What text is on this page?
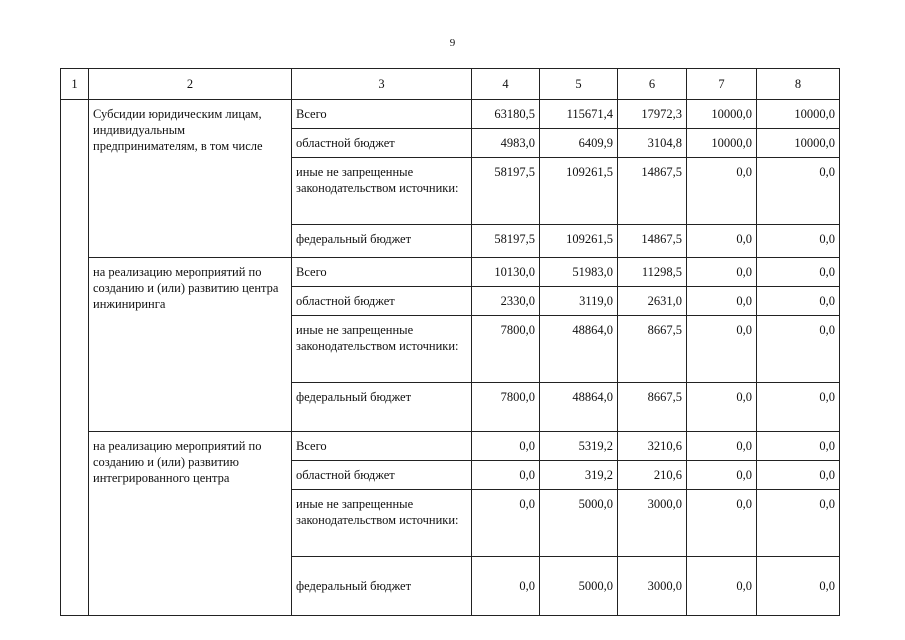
9
1	2	3	4	5	6	7	8
	Субсидии юридическим лицам, индивидуальным предпринимателям, в том числе	Всего	63180,5	115671,4	17972,3	10000,0	10000,0
		областной бюджет	4983,0	6409,9	3104,8	10000,0	10000,0
		иные не запрещенные законодательством источники:	58197,5	109261,5	14867,5	0,0	0,0
		федеральный бюджет	58197,5	109261,5	14867,5	0,0	0,0
	на реализацию мероприятий по созданию и (или) развитию центра инжиниринга	Всего	10130,0	51983,0	11298,5	0,0	0,0
		областной бюджет	2330,0	3119,0	2631,0	0,0	0,0
		иные не запрещенные законодательством источники:	7800,0	48864,0	8667,5	0,0	0,0
		федеральный бюджет	7800,0	48864,0	8667,5	0,0	0,0
	на реализацию мероприятий по созданию и (или) развитию интегрированного центра	Всего	0,0	5319,2	3210,6	0,0	0,0
		областной бюджет	0,0	319,2	210,6	0,0	0,0
		иные не запрещенные законодательством источники:	0,0	5000,0	3000,0	0,0	0,0
		федеральный бюджет	0,0	5000,0	3000,0	0,0	0,0
